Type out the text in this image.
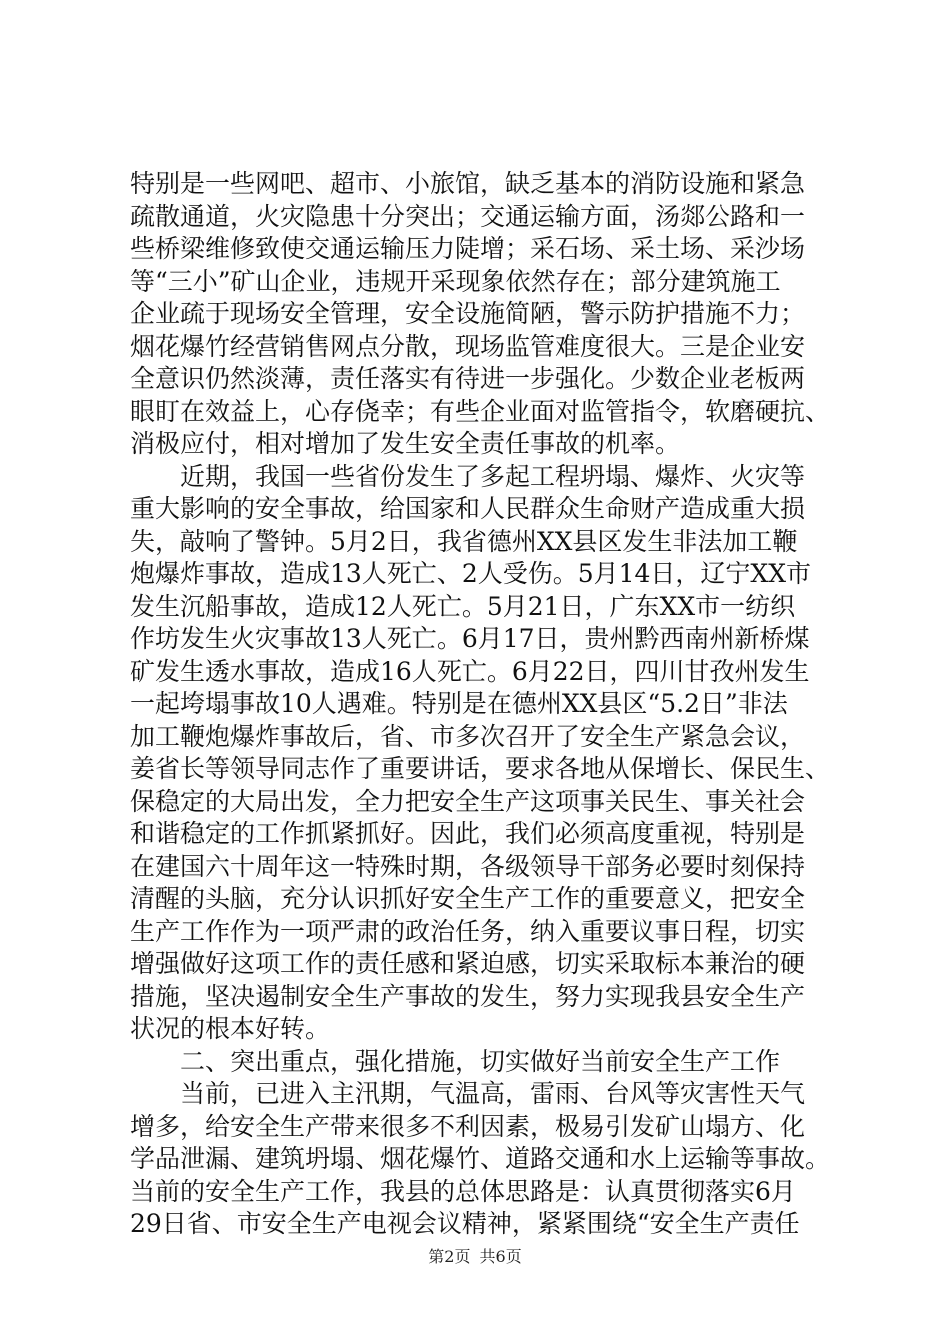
特别是一些网吧、超市、小旅馆，缺乏基本的消防设施和紧急
疏散通道，火灾隐患十分突出；交通运输方面，汤郯公路和一
些桥梁维修致使交通运输压力陡增；采石场、采土场、采沙场
等“三小”矿山企业，违规开采现象依然存在；部分建筑施工
企业疏于现场安全管理，安全设施简陋，警示防护措施不力；
烟花爆竹经营销售网点分散，现场监管难度很大。三是企业安
全意识仍然淡薄，责任落实有待进一步强化。少数企业老板两
眼盯在效益上，心存侥幸；有些企业面对监管指令，软磨硬抗、
消极应付，相对增加了发生安全责任事故的机率。
近期，我国一些省份发生了多起工程坍塌、爆炸、火灾等
重大影响的安全事故，给国家和人民群众生命财产造成重大损
失，敲响了警钟。5月2日，我省德州XX县区发生非法加工鞭
炮爆炸事故，造成13人死亡、2人受伤。5月14日，辽宁XX市
发生沉船事故，造成12人死亡。5月21日，广东XX市一纺织
作坊发生火灾事故13人死亡。6月17日，贵州黔西南州新桥煤
矿发生透水事故，造成16人死亡。6月22日，四川甘孜州发生
一起垮塌事故10人遇难。特别是在德州XX县区“5.2日”非法
加工鞭炮爆炸事故后，省、市多次召开了安全生产紧急会议，
姜省长等领导同志作了重要讲话，要求各地从保增长、保民生、
保稳定的大局出发，全力把安全生产这项事关民生、事关社会
和谐稳定的工作抓紧抓好。因此，我们必须高度重视，特别是
在建国六十周年这一特殊时期，各级领导干部务必要时刻保持
清醒的头脑，充分认识抓好安全生产工作的重要意义，把安全
生产工作作为一项严肃的政治任务，纳入重要议事日程，切实
增强做好这项工作的责任感和紧迫感，切实采取标本兼治的硬
措施，坚决遏制安全生产事故的发生，努力实现我县安全生产
状况的根本好转。
二、突出重点，强化措施，切实做好当前安全生产工作
当前，已进入主汛期，气温高，雷雨、台风等灾害性天气
增多，给安全生产带来很多不利因素，极易引发矿山塌方、化
学品泄漏、建筑坍塌、烟花爆竹、道路交通和水上运输等事故。
当前的安全生产工作，我县的总体思路是：认真贯彻落实6月
29日省、市安全生产电视会议精神，紧紧围绕“安全生产责任
第2页 共6页
